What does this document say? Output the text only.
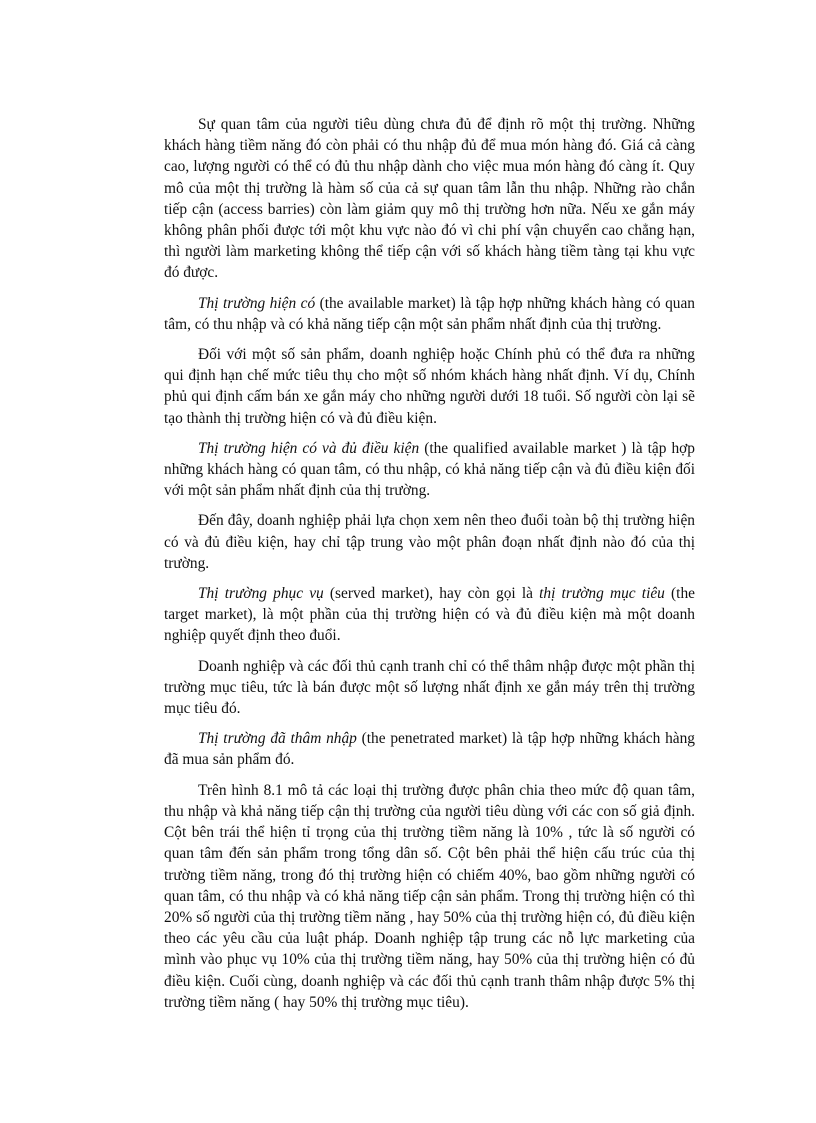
Sự quan tâm của người tiêu dùng chưa đủ để định rõ một thị trường. Những khách hàng tiềm năng đó còn phải có thu nhập đủ để mua món hàng đó. Giá cả càng cao, lượng người có thể có đủ thu nhập dành cho việc mua món hàng đó càng ít. Quy mô của một thị trường là hàm số của cả sự quan tâm lẫn thu nhập. Những rào chắn tiếp cận (access barries) còn làm giảm quy mô thị trường hơn nữa. Nếu xe gắn máy không phân phối được tới một khu vực nào đó vì chi phí vận chuyển cao chẳng hạn, thì người làm marketing không thể tiếp cận với số khách hàng tiềm tàng tại khu vực đó được.

Thị trường hiện có (the available market) là tập hợp những khách hàng có quan tâm, có thu nhập và có khả năng tiếp cận một sản phẩm nhất định của thị trường.

Đối với một số sản phẩm, doanh nghiệp hoặc Chính phủ có thể đưa ra những qui định hạn chế mức tiêu thụ cho một số nhóm khách hàng nhất định. Ví dụ, Chính phủ qui định cấm bán xe gắn máy cho những người dưới 18 tuổi. Số người còn lại sẽ tạo thành thị trường hiện có và đủ điều kiện.

Thị trường hiện có và đủ điều kiện (the qualified available market ) là tập hợp những khách hàng có quan tâm, có thu nhập, có khả năng tiếp cận và đủ điều kiện đối với một sản phẩm nhất định của thị trường.

Đến đây, doanh nghiệp phải lựa chọn xem nên theo đuổi toàn bộ thị trường hiện có và đủ điều kiện, hay chỉ tập trung vào một phân đoạn nhất định nào đó của thị trường.

Thị trường phục vụ (served market), hay còn gọi là thị trường mục tiêu (the target market), là một phần của thị trường hiện có và đủ điều kiện mà một doanh nghiệp quyết định theo đuổi.

Doanh nghiệp và các đối thủ cạnh tranh chỉ có thể thâm nhập được một phần thị trường mục tiêu, tức là bán được một số lượng nhất định xe gắn máy trên thị trường mục tiêu đó.

Thị trường đã thâm nhập (the penetrated market) là tập hợp những khách hàng đã mua sản phẩm đó.

Trên hình 8.1 mô tả các loại thị trường được phân chia theo mức độ quan tâm, thu nhập và khả năng tiếp cận thị trường của người tiêu dùng với các con số giả định. Cột bên trái thể hiện tỉ trọng của thị trường tiềm năng là 10% , tức là số người có quan tâm đến sản phẩm trong tổng dân số. Cột bên phải thể hiện cấu trúc của thị trường tiềm năng, trong đó thị trường hiện có chiếm 40%, bao gồm những người có quan tâm, có thu nhập và có khả năng tiếp cận sản phẩm. Trong thị trường hiện có thì 20% số người của thị trường tiềm năng , hay 50% của thị trường hiện có, đủ điều kiện theo các yêu cầu của luật pháp. Doanh nghiệp tập trung các nỗ lực marketing của mình vào phục vụ 10% của thị trường tiềm năng, hay 50% của thị trường hiện có đủ điều kiện. Cuối cùng, doanh nghiệp và các đối thủ cạnh tranh thâm nhập được 5% thị trường tiềm năng ( hay 50% thị trường mục tiêu).
